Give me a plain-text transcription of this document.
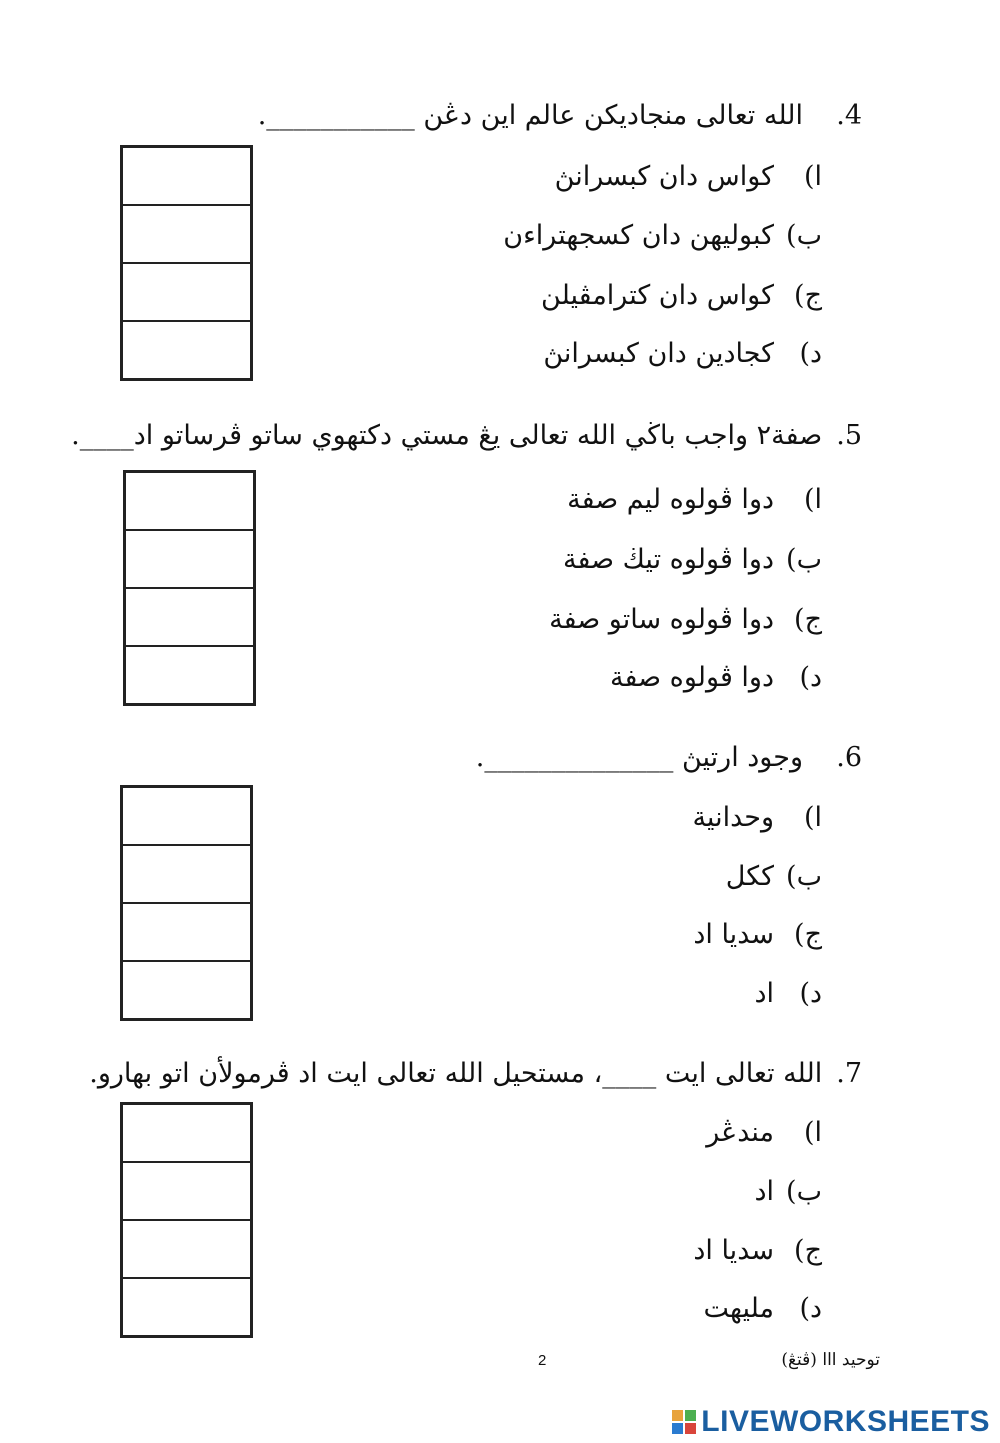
.4
الله تعالى منجاديكن عالم اين دڠن ___________.
ا)
كواس دان كبسرانڽ
ب)
كبوليهن دان كسجهتراءن
ج)
كواس دان كترامڤيلن
د)
كجادين دان كبسرانڽ
.5
صفة٢ واجب باڬي الله تعالى يڠ مستي دكتهوي ساتو ڤرساتو اد____.
ا)
دوا ڤولوه ليم صفة
ب)
دوا ڤولوه تيڬ صفة
ج)
دوا ڤولوه ساتو صفة
د)
دوا ڤولوه صفة
.6
وجود ارتيڽ ______________.
ا)
وحدانية
ب)
ككل
ج)
سديا اد
د)
اد
.7
الله تعالى ايت ____، مستحيل الله تعالى ايت اد ڤرمولأن اتو بهارو.
ا)
مندڠر
ب)
اد
ج)
سديا اد
د)
مليهت
توحيد ااا (ڤتڠ)
2
LIVEWORKSHEETS
